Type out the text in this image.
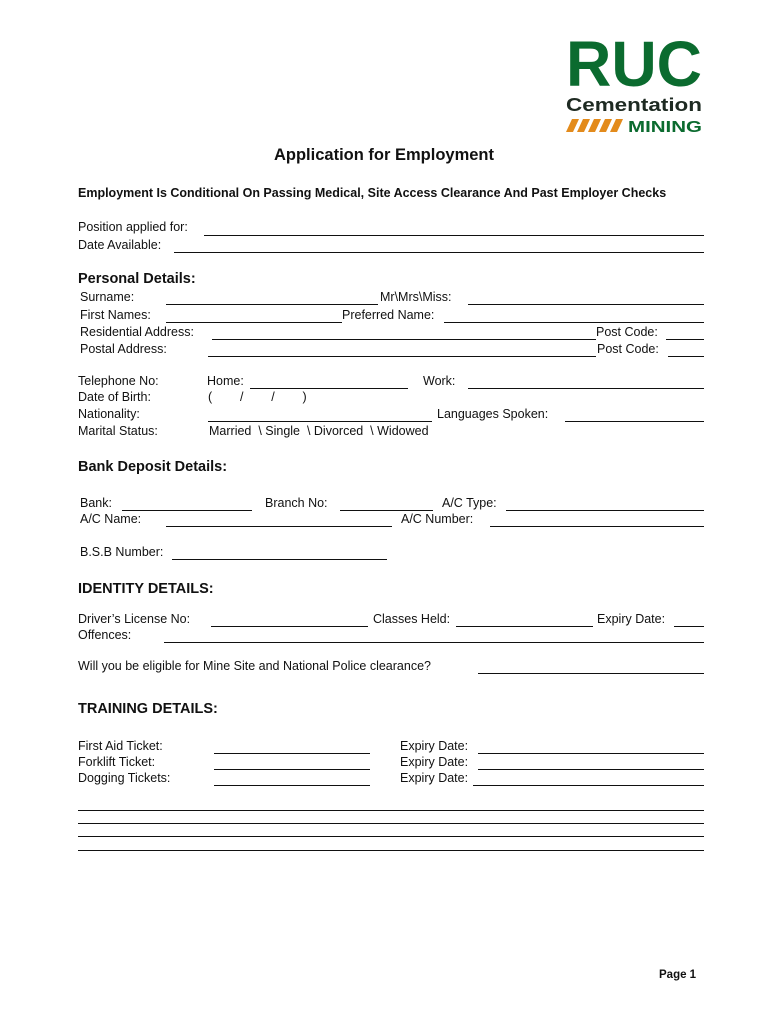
RUC
Cementation
MINING
Application for Employment
Employment Is Conditional On Passing Medical, Site Access Clearance And Past Employer Checks
Position applied for:
Date Available:
Personal Details:
Surname:	Mr\Mrs\Miss:
First Names:	Preferred Name:
Residential Address:	Post Code:
Postal Address:	Post Code:
Telephone No:	Home:	Work:
Date of Birth:	(        /        /        )
Nationality:	Languages Spoken:
Marital Status:	Married  \ Single  \ Divorced  \ Widowed
Bank Deposit Details:
Bank:	Branch No:	A/C Type:
A/C Name:	A/C Number:
B.S.B Number:
IDENTITY DETAILS:
Driver’s License No:	Classes Held:	Expiry Date:
Offences:
Will you be eligible for Mine Site and National Police clearance?
TRAINING DETAILS:
First Aid Ticket:	Expiry Date:
Forklift Ticket:	Expiry Date:
Dogging Tickets:	Expiry Date:
Page 1
